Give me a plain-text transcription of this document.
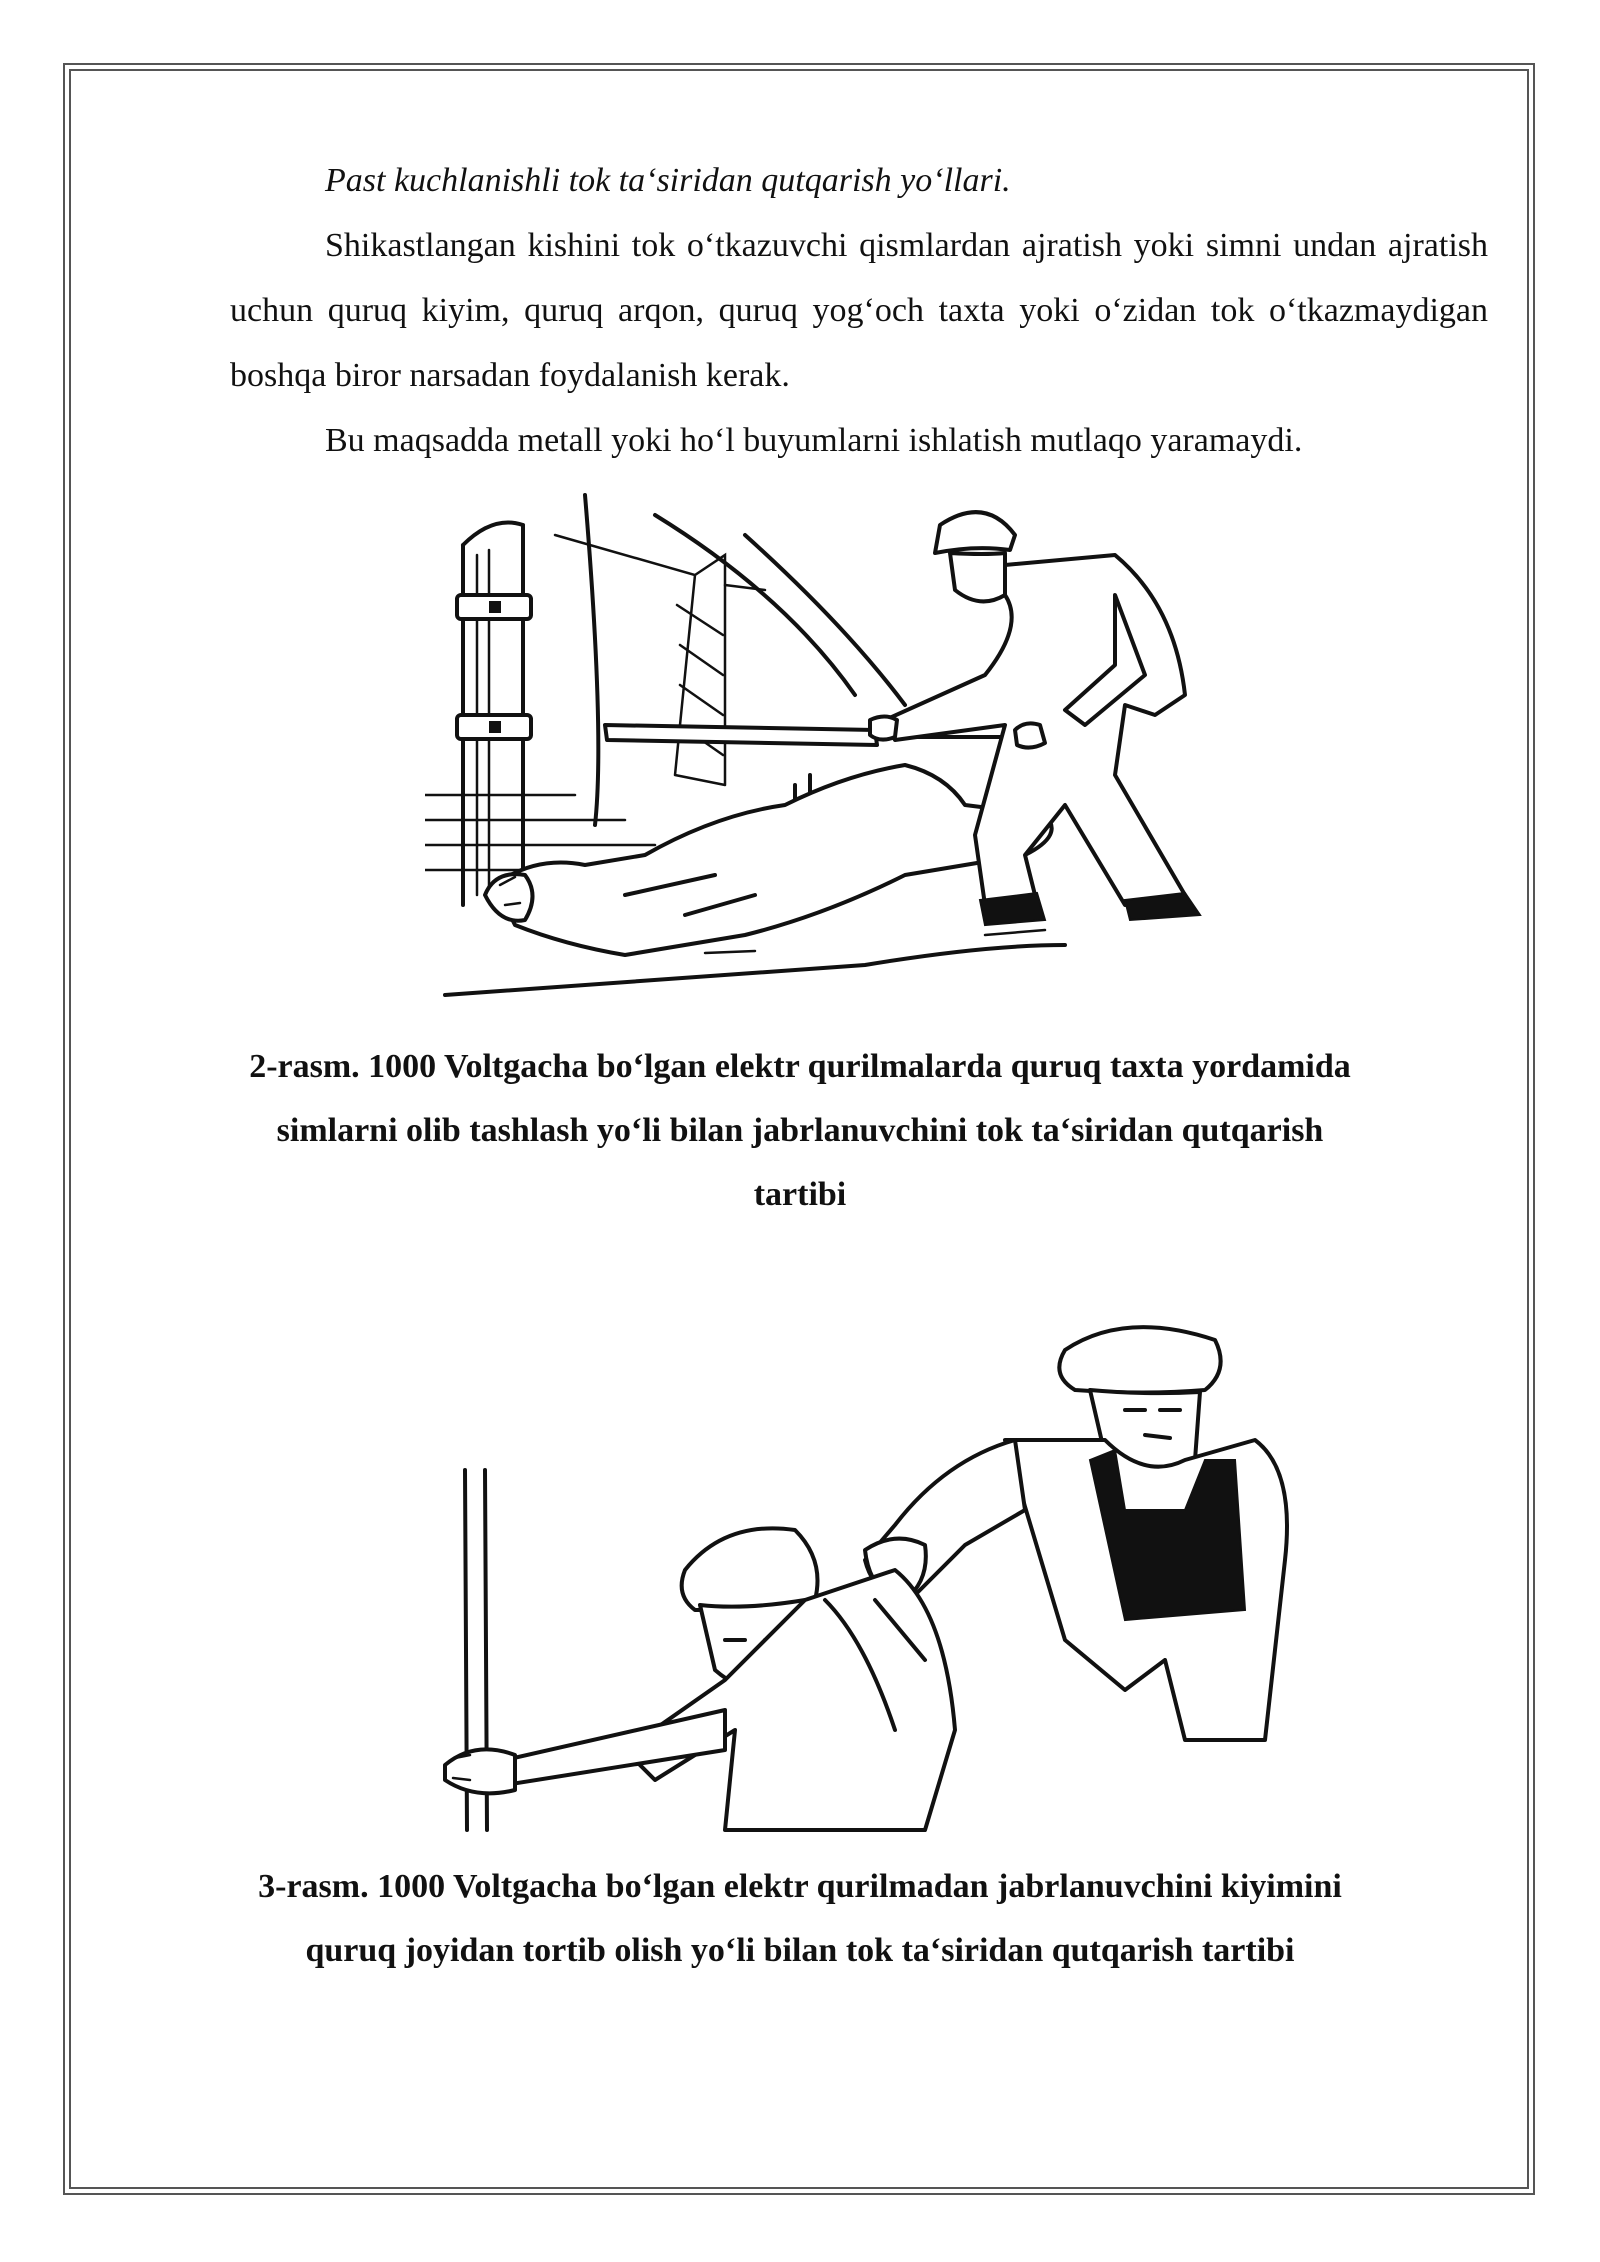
Past kuchlanishli tok ta‘siridan qutqarish yo‘llari.

Shikastlangan kishini tok o‘tkazuvchi qismlardan ajratish yoki simni undan ajratish uchun quruq kiyim, quruq arqon, quruq yog‘och taxta yoki o‘zidan tok o‘tkazmaydigan boshqa biror narsadan foydalanish kerak.

Bu maqsadda metall yoki ho‘l buyumlarni ishlatish mutlaqo yaramaydi.

2-rasm. 1000 Voltgacha bo‘lgan elektr qurilmalarda quruq taxta yordamida simlarni olib tashlash yo‘li bilan jabrlanuvchini tok ta‘siridan qutqarish tartibi

3-rasm. 1000 Voltgacha bo‘lgan elektr qurilmadan jabrlanuvchini kiyimini quruq joyidan tortib olish yo‘li bilan tok ta‘siridan qutqarish tartibi
